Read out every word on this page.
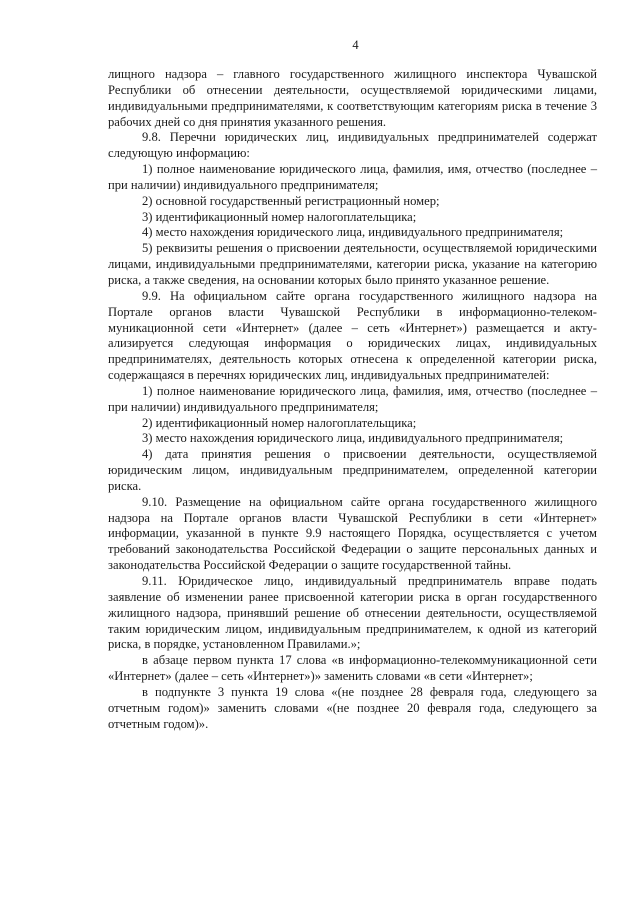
4

лищного надзора – главного государственного жилищного инспектора Чувашской Республики об отнесении деятельности, осуществляемой юридическими лицами, индивидуальными предпринимателями, к соответствующим категориям риска в течение 3 рабочих дней со дня принятия указанного решения.

9.8. Перечни юридических лиц, индивидуальных предпринимателей содержат следующую информацию:

1) полное наименование юридического лица, фамилия, имя, отчество (последнее – при наличии) индивидуального предпринимателя;

2) основной государственный регистрационный номер;

3) идентификационный номер налогоплательщика;

4) место нахождения юридического лица, индивидуального предпринимателя;

5) реквизиты решения о присвоении деятельности, осуществляемой юридическими лицами, индивидуальными предпринимателями, категории риска, указание на категорию риска, а также сведения, на основании которых было принято указанное решение.

9.9. На официальном сайте органа государственного жилищного надзора на Портале органов власти Чувашской Республики в информационно-телекоммуникационной сети «Интернет» (далее – сеть «Интернет») размещается и актуализируется следующая информация о юридических лицах, индивидуальных предпринимателях, деятельность которых отнесена к определенной категории риска, содержащаяся в перечнях юридических лиц, индивидуальных предпринимателей:

1) полное наименование юридического лица, фамилия, имя, отчество (последнее – при наличии) индивидуального предпринимателя;

2) идентификационный номер налогоплательщика;

3) место нахождения юридического лица, индивидуального предпринимателя;

4) дата принятия решения о присвоении деятельности, осуществляемой юридическим лицом, индивидуальным предпринимателем, определенной категории риска.

9.10. Размещение на официальном сайте органа государственного жилищного надзора на Портале органов власти Чувашской Республики в сети «Интернет» информации, указанной в пункте 9.9 настоящего Порядка, осуществляется с учетом требований законодательства Российской Федерации о защите персональных данных и законодательства Российской Федерации о защите государственной тайны.

9.11. Юридическое лицо, индивидуальный предприниматель вправе подать заявление об изменении ранее присвоенной категории риска в орган государственного жилищного надзора, принявший решение об отнесении деятельности, осуществляемой таким юридическим лицом, индивидуальным предпринимателем, к одной из категорий риска, в порядке, установленном Правилами.»;

в абзаце первом пункта 17 слова «в информационно-телекоммуникационной сети «Интернет» (далее – сеть «Интернет»)» заменить словами «в сети «Интернет»;

в подпункте 3 пункта 19 слова «(не позднее 28 февраля года, следующего за отчетным годом)» заменить словами «(не позднее 20 февраля года, следующего за отчетным годом)».
